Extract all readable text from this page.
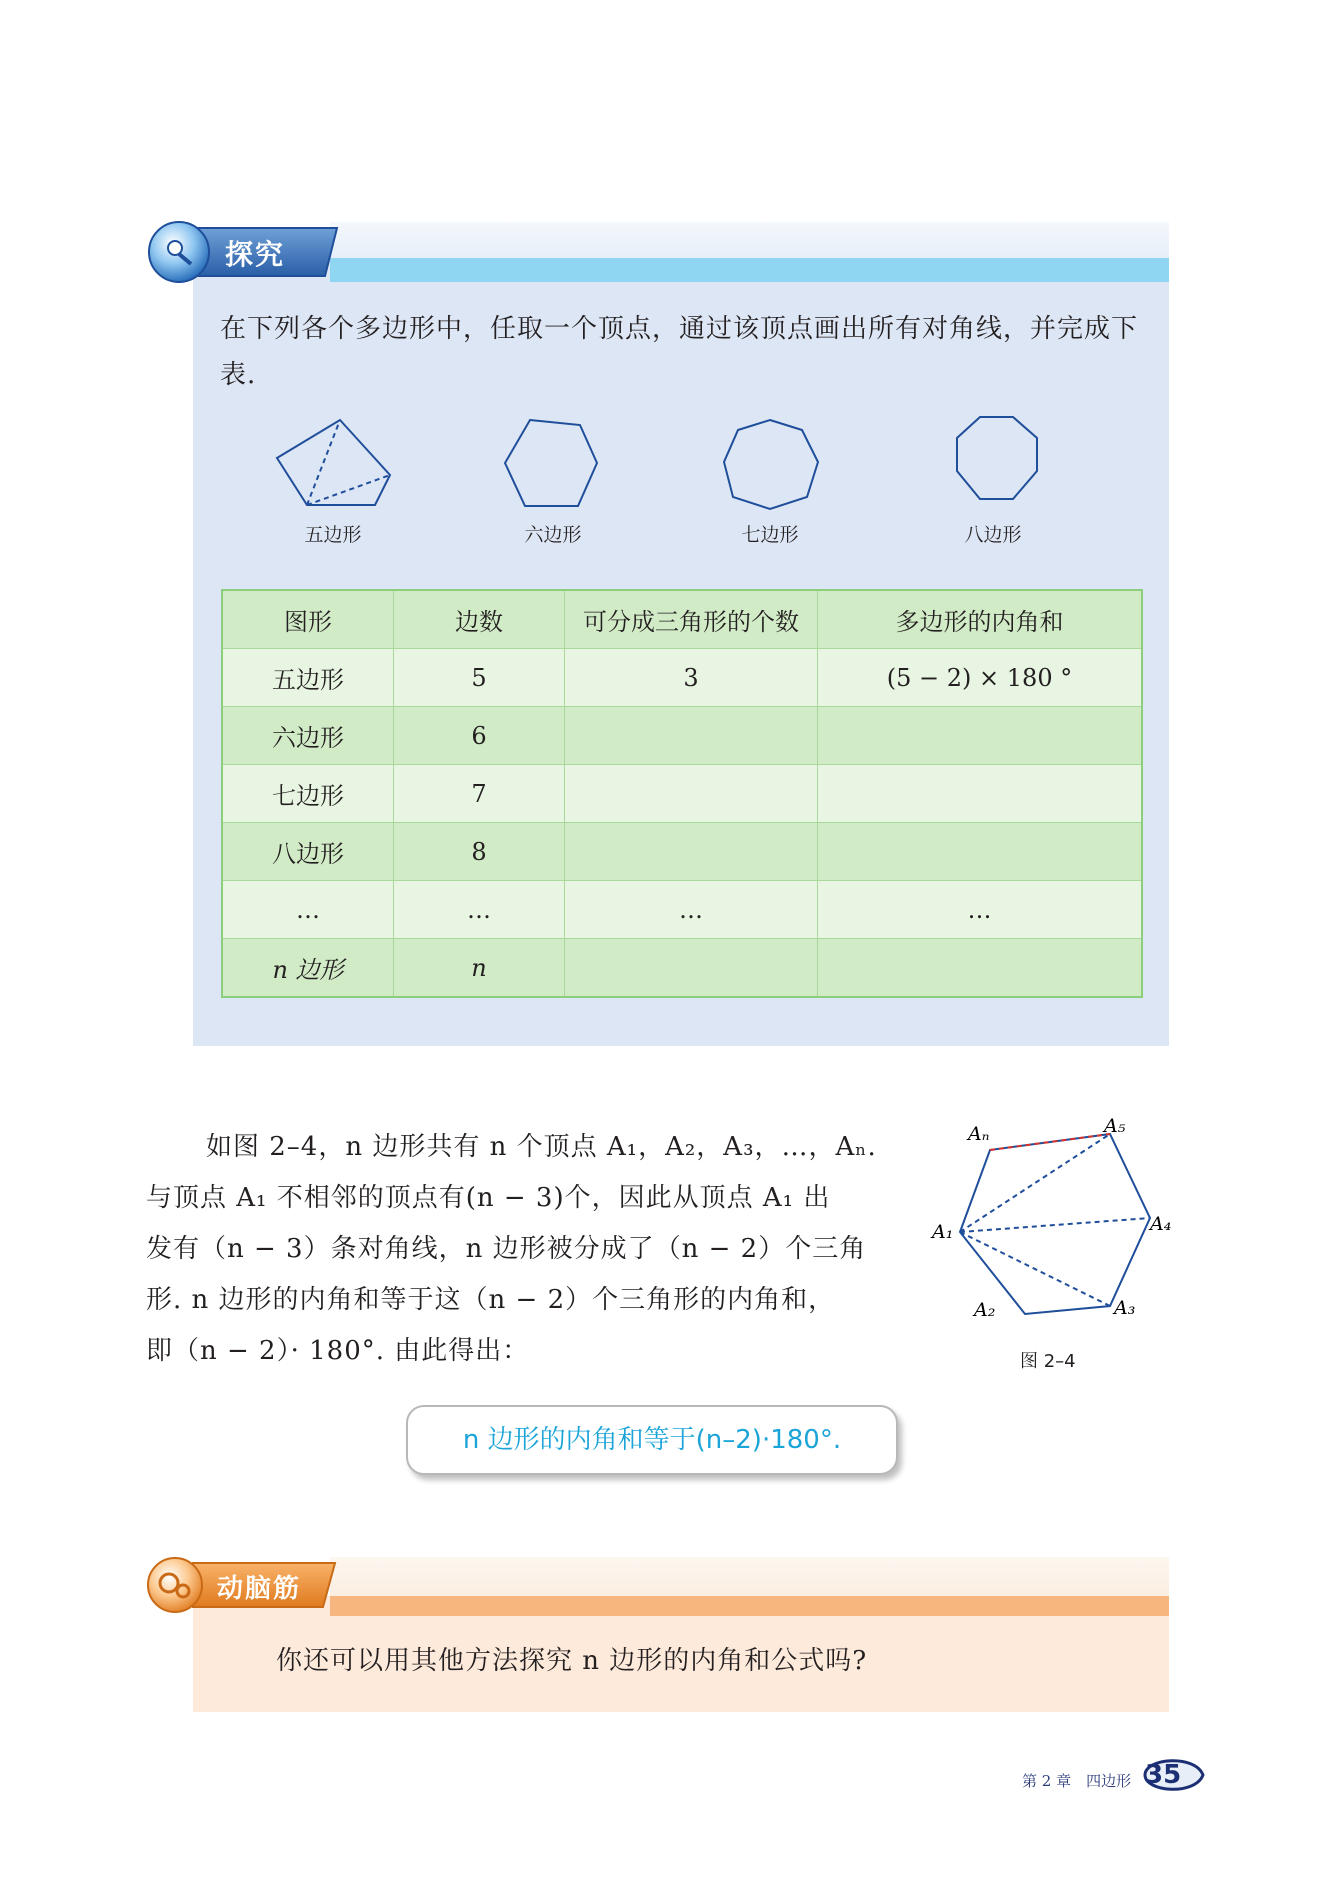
探究
在下列各个多边形中，任取一个顶点，通过该顶点画出所有对角线，并完成下表.
五边形	六边形	七边形	八边形
图形	边数	可分成三角形的个数	多边形的内角和
五边形	5	3	(5 − 2) × 180 °
六边形	6		
七边形	7		
八边形	8		
…	…	…	…
n 边形	n		
如图 2–4，n 边形共有 n 个顶点 A₁，A₂，A₃，…，Aₙ.
与顶点 A₁ 不相邻的顶点有(n − 3)个，因此从顶点 A₁ 出
发有（n − 3）条对角线，n 边形被分成了（n − 2）个三角
形. n 边形的内角和等于这（n − 2）个三角形的内角和，
即（n − 2）· 180°. 由此得出：
Aₙ	A₅
A₁	A₄
A₂	A₃
图 2–4
n 边形的内角和等于(n–2)·180°.
动脑筋
你还可以用其他方法探究 n 边形的内角和公式吗?
第 2 章　四边形 35
